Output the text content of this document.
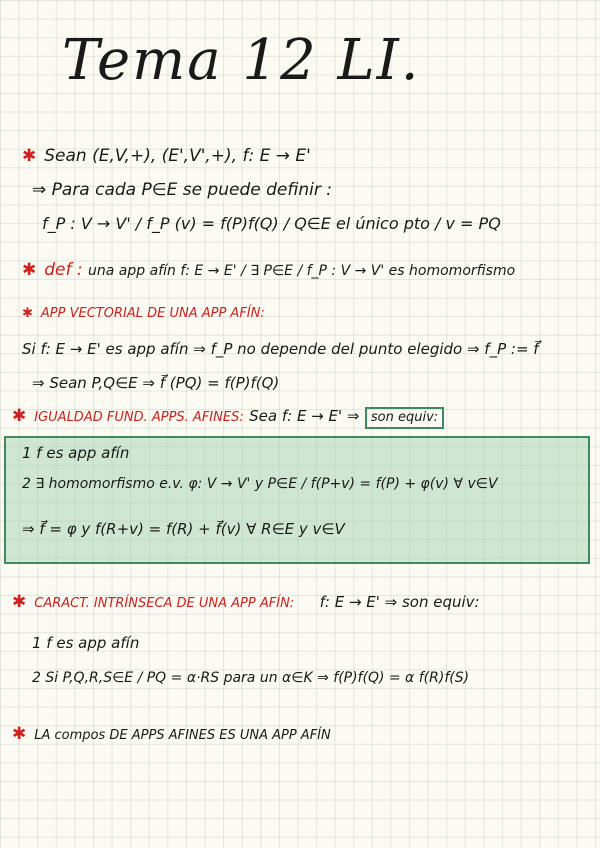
Tema 12 LI.
✱ Sean (E,V,+), (E',V',+), f: E → E'
⇒ Para cada P∈E se puede definir :
f_P : V → V' / f_P (v) = f(P)f(Q) / Q∈E el único pto / v = PQ
✱ def : una app afín f: E → E' / ∃ P∈E / f_P : V → V' es homomorfismo
✱ APP VECTORIAL DE UNA APP AFÍN:
Si f: E → E' es app afín ⇒ f_P no depende del punto elegido ⇒ f_P := f⃗
⇒ Sean P,Q∈E ⇒ f⃗ (PQ) = f(P)f(Q)
✱ IGUALDAD FUND. APPS. AFINES: Sea f: E → E' ⇒ son equiv:
1 f es app afín
2 ∃ homomorfismo e.v. φ: V → V' y P∈E / f(P+v) = f(P) + φ(v) ∀ v∈V
⇒ f⃗ = φ y f(R+v) = f(R) + f⃗(v) ∀ R∈E y v∈V
✱ CARACT. INTRÍNSECA DE UNA APP AFÍN: f: E → E' ⇒ son equiv:
1 f es app afín
2 Si P,Q,R,S∈E / PQ = α·RS para un α∈K ⇒ f(P)f(Q) = α f(R)f(S)
✱ LA compos DE APPS AFINES ES UNA APP AFÍN
